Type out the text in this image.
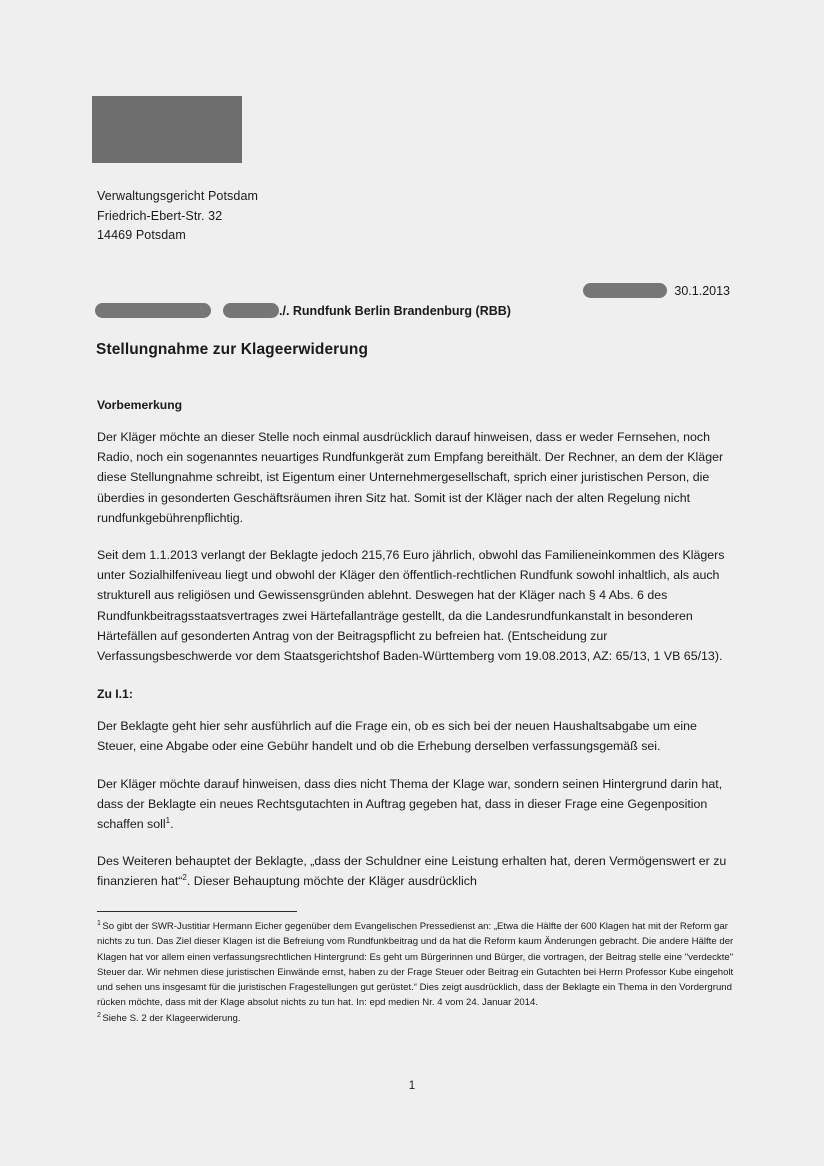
Verwaltungsgericht Potsdam
Friedrich-Ebert-Str. 32
14469 Potsdam
30.1.2013
./. Rundfunk Berlin Brandenburg (RBB)
Stellungnahme zur Klageerwiderung

Vorbemerkung

Der Kläger möchte an dieser Stelle noch einmal ausdrücklich darauf hinweisen, dass er weder Fernsehen, noch Radio, noch ein sogenanntes neuartiges Rundfunkgerät zum Empfang bereithält. Der Rechner, an dem der Kläger diese Stellungnahme schreibt, ist Eigentum einer Unternehmergesellschaft, sprich einer juristischen Person, die überdies in gesonderten Geschäftsräumen ihren Sitz hat. Somit ist der Kläger nach der alten Regelung nicht rundfunkgebührenpflichtig.

Seit dem 1.1.2013 verlangt der Beklagte jedoch 215,76 Euro jährlich, obwohl das Familieneinkommen des Klägers unter Sozialhilfeniveau liegt und obwohl der Kläger den öffentlich-rechtlichen Rundfunk sowohl inhaltlich, als auch strukturell aus religiösen und Gewissensgründen ablehnt. Deswegen hat der Kläger nach § 4 Abs. 6 des Rundfunkbeitragsstaatsvertrages zwei Härtefallanträge gestellt, da die Landesrundfunkanstalt in besonderen Härtefällen auf gesonderten Antrag von der Beitragspflicht zu befreien hat. (Entscheidung zur Verfassungsbeschwerde vor dem Staatsgerichtshof Baden-Württemberg vom 19.08.2013, AZ: 65/13, 1 VB 65/13).

Zu I.1:

Der Beklagte geht hier sehr ausführlich auf die Frage ein, ob es sich bei der neuen Haushaltsabgabe um eine Steuer, eine Abgabe oder eine Gebühr handelt und ob die Erhebung derselben verfassungsgemäß sei.

Der Kläger möchte darauf hinweisen, dass dies nicht Thema der Klage war, sondern seinen Hintergrund darin hat, dass der Beklagte ein neues Rechtsgutachten in Auftrag gegeben hat, dass in dieser Frage eine Gegenposition schaffen soll$^1$.

Des Weiteren behauptet der Beklagte, „dass der Schuldner eine Leistung erhalten hat, deren Vermögenswert er zu finanzieren hat“$^2$. Dieser Behauptung möchte der Kläger ausdrücklich

$^1$ So gibt der SWR-Justitiar Hermann Eicher gegenüber dem Evangelischen Pressedienst an: „Etwa die Hälfte der 600 Klagen hat mit der Reform gar nichts zu tun. Das Ziel dieser Klagen ist die Befreiung vom Rundfunkbeitrag und da hat die Reform kaum Änderungen gebracht. Die andere Hälfte der Klagen hat vor allem einen verfassungsrechtlichen Hintergrund: Es geht um Bürgerinnen und Bürger, die vortragen, der Beitrag stelle eine "verdeckte" Steuer dar. Wir nehmen diese juristischen Einwände ernst, haben zu der Frage Steuer oder Beitrag ein Gutachten bei Herrn Professor Kube eingeholt und sehen uns insgesamt für die juristischen Fragestellungen gut gerüstet.“ Dies zeigt ausdrücklich, dass der Beklagte ein Thema in den Vordergrund rücken möchte, dass mit der Klage absolut nichts zu tun hat. In: epd medien Nr. 4 vom 24. Januar 2014.

$^2$ Siehe S. 2 der Klageerwiderung.

1
